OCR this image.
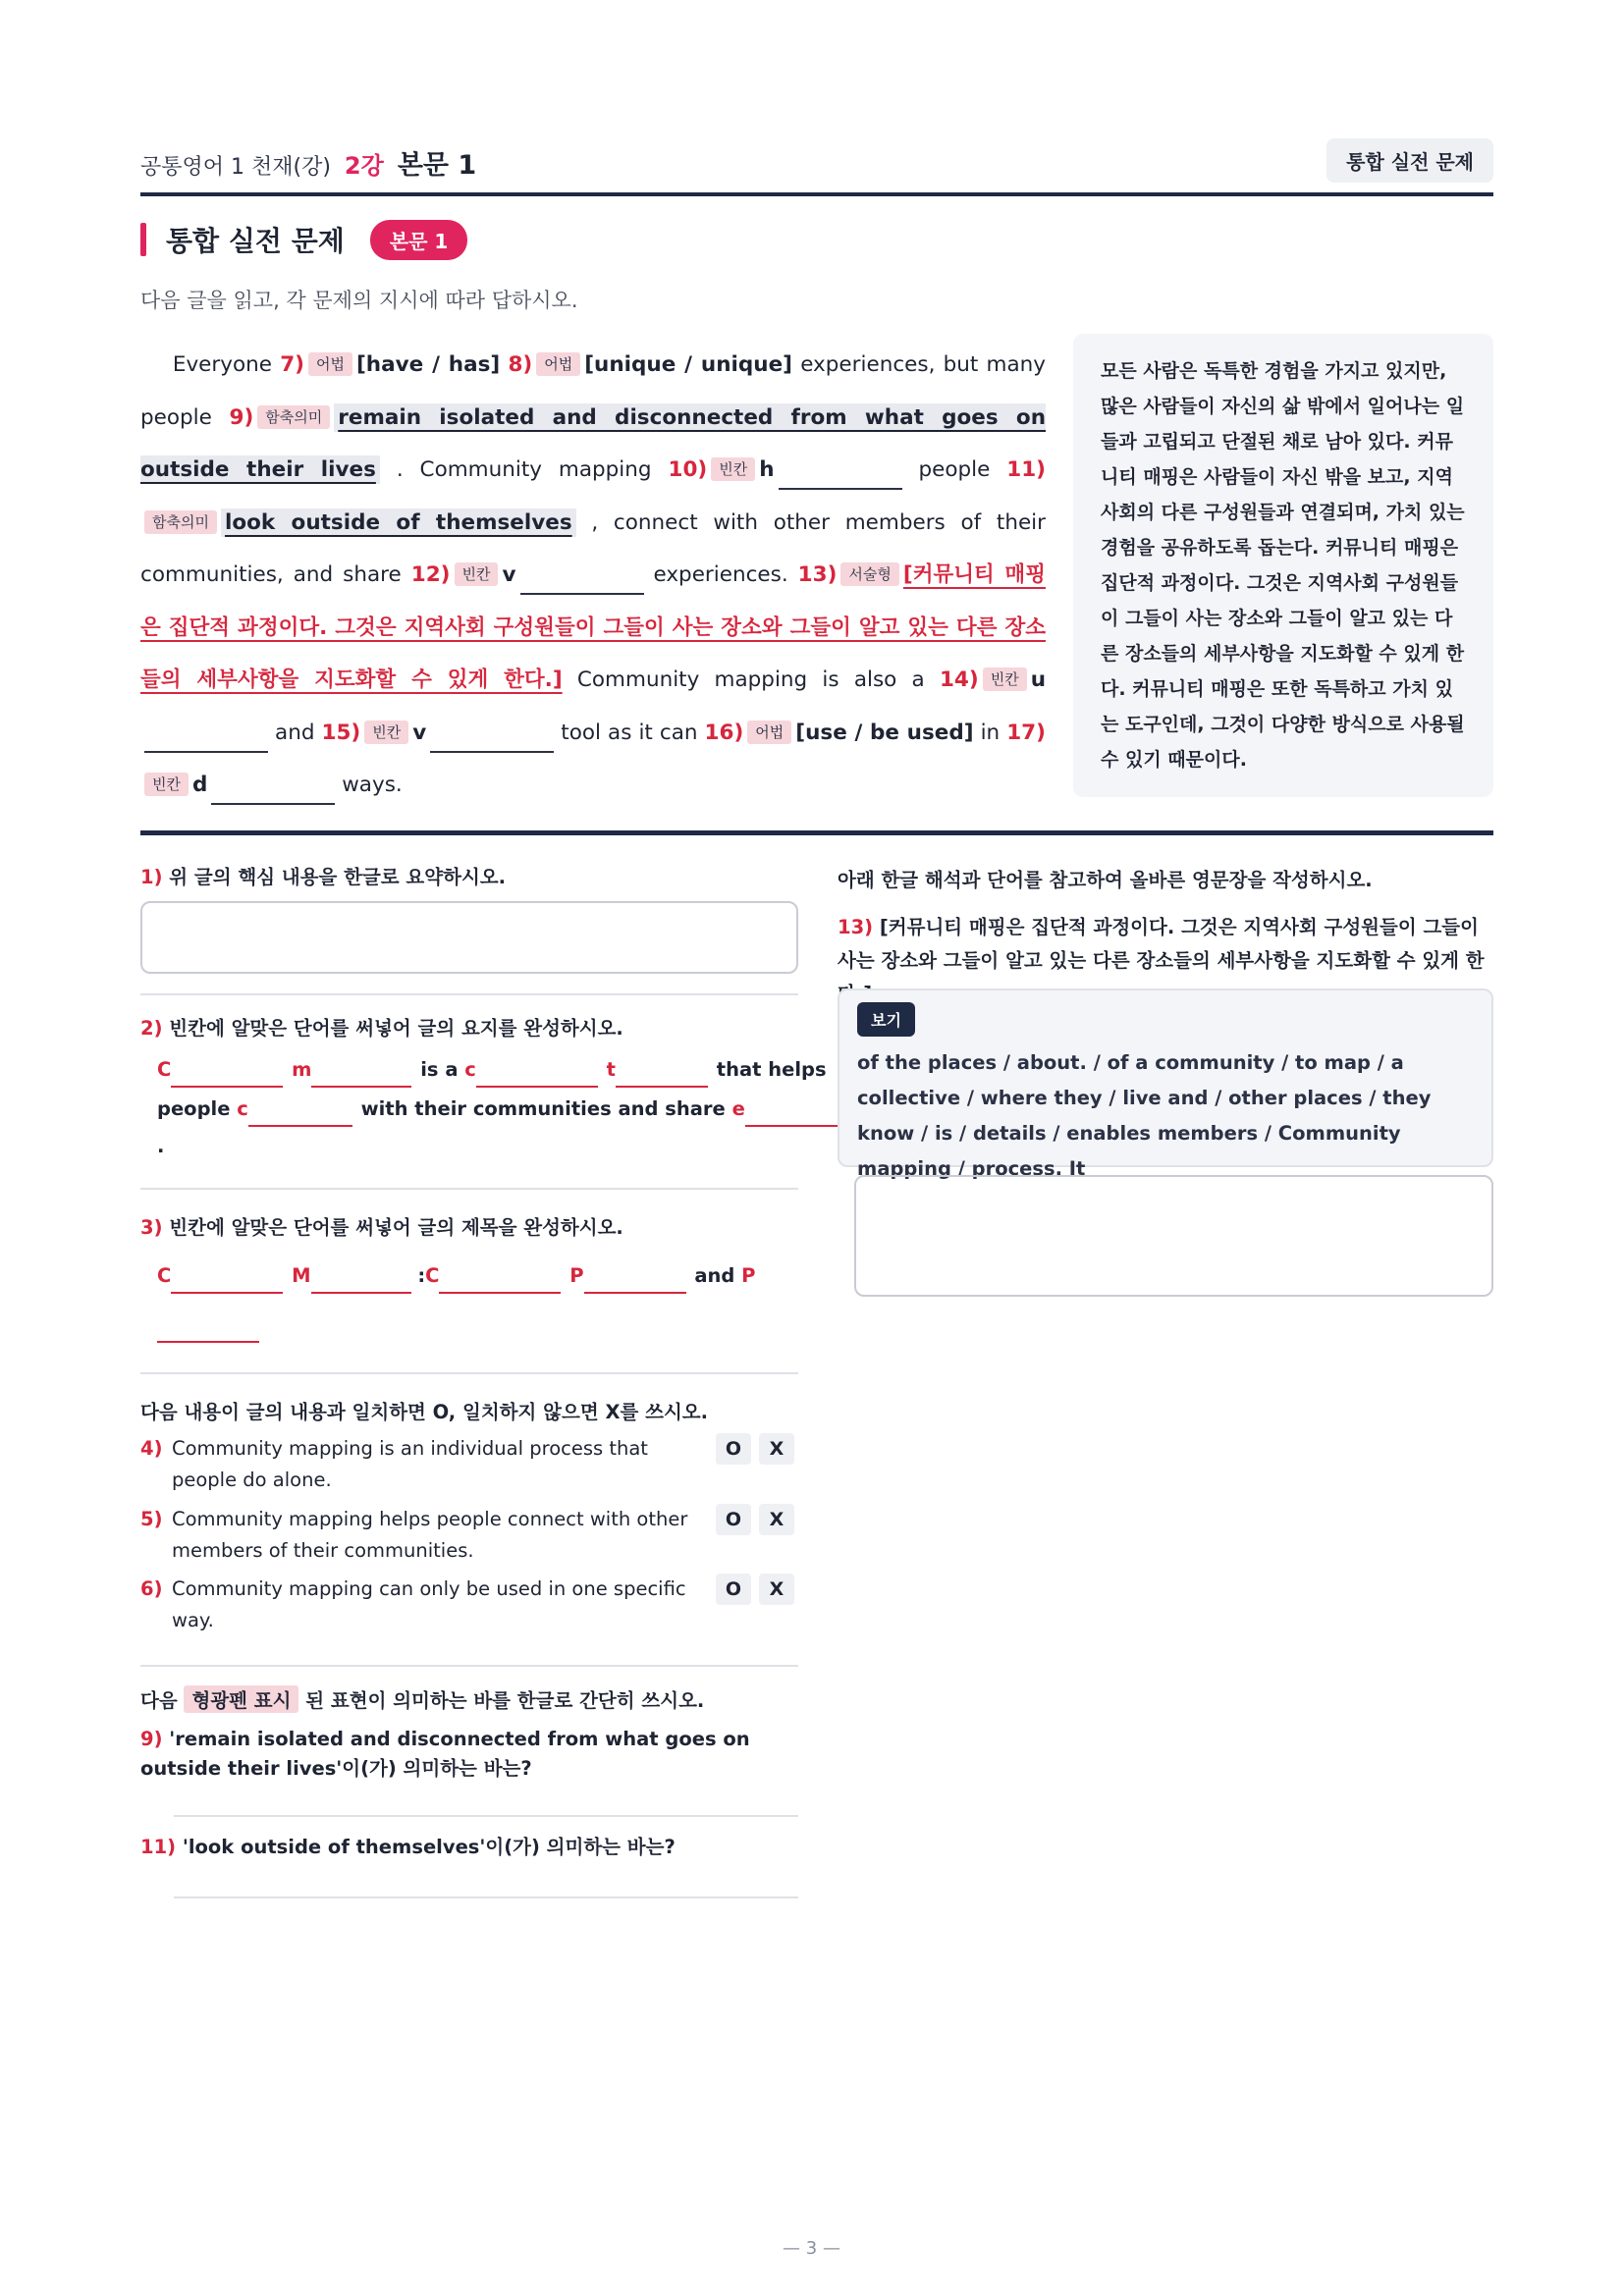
공통영어 1 천재(강) 2강 본문 1	통합 실전 문제
통합 실전 문제	본문 1
다음 글을 읽고, 각 문제의 지시에 따라 답하시오.
Everyone 7) 어법 [have / has] 8) 어법 [unique / unique] experiences, but many people 9) 함축의미 remain isolated and disconnected from what goes on outside their lives . Community mapping 10) 빈칸 h	people 11)함축의미 look outside of themselves , connect with other members of their communities, and share 12) 빈칸 v	experiences. 13) 서술형 [커뮤니티 매핑은 집단적 과정이다. 그것은 지역사회 구성원들이 그들이 사는 장소와 그들이 알고 있는 다른 장소들의 세부사항을 지도화할 수 있게 한다.] Community mapping is also a 14) 빈칸 u and 15) 빈칸 v	tool as it can 16) 어법 [use / be used] in 17)빈칸 d	ways.
모든 사람은 독특한 경험을 가지고 있지만, 많은 사람들이 자신의 삶 밖에서 일어나는 일들과 고립되고 단절된 채로 남아 있다. 커뮤니티 매핑은 사람들이 자신 밖을 보고, 지역사회의 다른 구성원들과 연결되며, 가치 있는 경험을 공유하도록 돕는다. 커뮤니티 매핑은 집단적 과정이다. 그것은 지역사회 구성원들이 그들이 사는 장소와 그들이 알고 있는 다른 장소들의 세부사항을 지도화할 수 있게 한다. 커뮤니티 매핑은 또한 독특하고 가치 있는 도구인데, 그것이 다양한 방식으로 사용될 수 있기 때문이다.
1) 위 글의 핵심 내용을 한글로 요약하시오.
2) 빈칸에 알맞은 단어를 써넣어 글의 요지를 완성하시오.
C	m	is a c	t	that helps
people c	with their communities and share e
.
3) 빈칸에 알맞은 단어를 써넣어 글의 제목을 완성하시오.
C	M	:C	P	and P
다음 내용이 글의 내용과 일치하면 O, 일치하지 않으면 X를 쓰시오.
4) Community mapping is an individual process that people do alone.
O	X
5) Community mapping helps people connect with other members of their communities.
O	X
6) Community mapping can only be used in one specific way.
O	X
다음 형광펜 표시 된 표현이 의미하는 바를 한글로 간단히 쓰시오.
9) 'remain isolated and disconnected from what goes on outside their lives'이(가) 의미하는 바는?
11) 'look outside of themselves'이(가) 의미하는 바는?
아래 한글 해석과 단어를 참고하여 올바른 영문장을 작성하시오.
13) [커뮤니티 매핑은 집단적 과정이다. 그것은 지역사회 구성원들이 그들이 사는 장소와 그들이 알고 있는 다른 장소들의 세부사항을 지도화할 수 있게 한
보기
of the places / about. / of a community / to map / a collective / where they / live and / other places / they know / is / details / enables members / Community mapping / process. It
— 3 —
